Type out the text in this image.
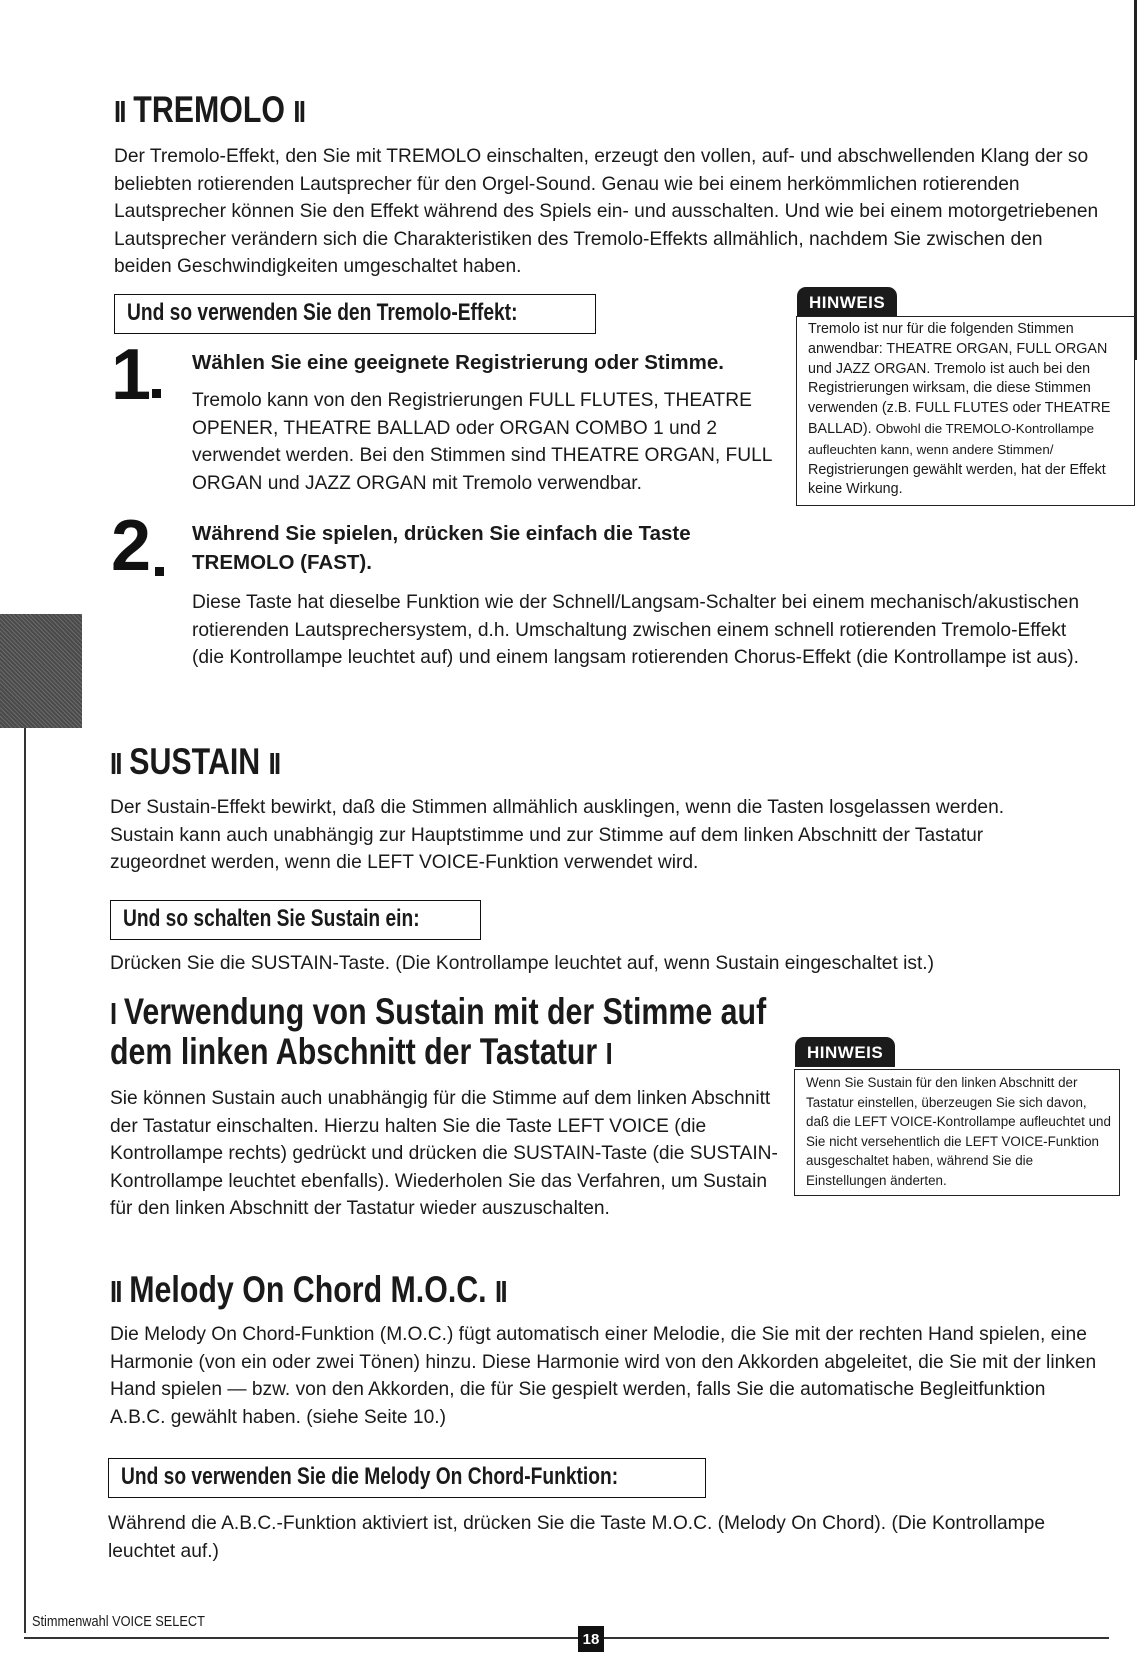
II TREMOLO II
Der Tremolo-Effekt, den Sie mit TREMOLO einschalten, erzeugt den vollen, auf- und abschwellenden Klang der so beliebten rotierenden Lautsprecher für den Orgel-Sound. Genau wie bei einem herkömmlichen rotierenden Lautsprecher können Sie den Effekt während des Spiels ein- und ausschalten. Und wie bei einem motorgetriebenen Lautsprecher verändern sich die Charakteristiken des Tremolo-Effekts allmählich, nachdem Sie zwischen den beiden Geschwindigkeiten umgeschaltet haben.
Und so verwenden Sie den Tremolo-Effekt:
1 Wählen Sie eine geeignete Registrierung oder Stimme.
Tremolo kann von den Registrierungen FULL FLUTES, THEATRE OPENER, THEATRE BALLAD oder ORGAN COMBO 1 und 2 verwendet werden. Bei den Stimmen sind THEATRE ORGAN, FULL ORGAN und JAZZ ORGAN mit Tremolo verwendbar.
2 Während Sie spielen, drücken Sie einfach die Taste
TREMOLO (FAST).
Diese Taste hat dieselbe Funktion wie der Schnell/Langsam-Schalter bei einem mechanisch/akustischen rotierenden Lautsprechersystem, d.h. Umschaltung zwischen einem schnell rotierenden Tremolo-Effekt (die Kontrollampe leuchtet auf) und einem langsam rotierenden Chorus-Effekt (die Kontrollampe ist aus).
HINWEIS
Tremolo ist nur für die folgenden Stimmen anwendbar: THEATRE ORGAN, FULL ORGAN und JAZZ ORGAN. Tremolo ist auch bei den Registrierungen wirksam, die diese Stimmen verwenden (z.B. FULL FLUTES oder THEATRE BALLAD). Obwohl die TREMOLO-Kontrollampe aufleuchten kann, wenn andere Stimmen/ Registrierungen gewählt werden, hat der Effekt keine Wirkung.
II SUSTAIN II
Der Sustain-Effekt bewirkt, daß die Stimmen allmählich ausklingen, wenn die Tasten losgelassen werden. Sustain kann auch unabhängig zur Hauptstimme und zur Stimme auf dem linken Abschnitt der Tastatur zugeordnet werden, wenn die LEFT VOICE-Funktion verwendet wird.
Und so schalten Sie Sustain ein:
Drücken Sie die SUSTAIN-Taste. (Die Kontrollampe leuchtet auf, wenn Sustain eingeschaltet ist.)
I Verwendung von Sustain mit der Stimme auf
dem linken Abschnitt der Tastatur I
Sie können Sustain auch unabhängig für die Stimme auf dem linken Abschnitt der Tastatur einschalten. Hierzu halten Sie die Taste LEFT VOICE (die Kontrollampe rechts) gedrückt und drücken die SUSTAIN-Taste (die SUSTAIN-Kontrollampe leuchtet ebenfalls). Wiederholen Sie das Verfahren, um Sustain für den linken Abschnitt der Tastatur wieder auszuschalten.
HINWEIS
Wenn Sie Sustain für den linken Abschnitt der Tastatur einstellen, überzeugen Sie sich davon, daß die LEFT VOICE-Kontrollampe aufleuchtet und Sie nicht versehentlich die LEFT VOICE-Funktion ausgeschaltet haben, während Sie die Einstellungen änderten.
II Melody On Chord M.O.C. II
Die Melody On Chord-Funktion (M.O.C.) fügt automatisch einer Melodie, die Sie mit der rechten Hand spielen, eine Harmonie (von ein oder zwei Tönen) hinzu. Diese Harmonie wird von den Akkorden abgeleitet, die Sie mit der linken Hand spielen — bzw. von den Akkorden, die für Sie gespielt werden, falls Sie die automatische Begleitfunktion A.B.C. gewählt haben. (siehe Seite 10.)
Und so verwenden Sie die Melody On Chord-Funktion:
Während die A.B.C.-Funktion aktiviert ist, drücken Sie die Taste M.O.C. (Melody On Chord). (Die Kontrollampe leuchtet auf.)
Stimmenwahl VOICE SELECT
18
